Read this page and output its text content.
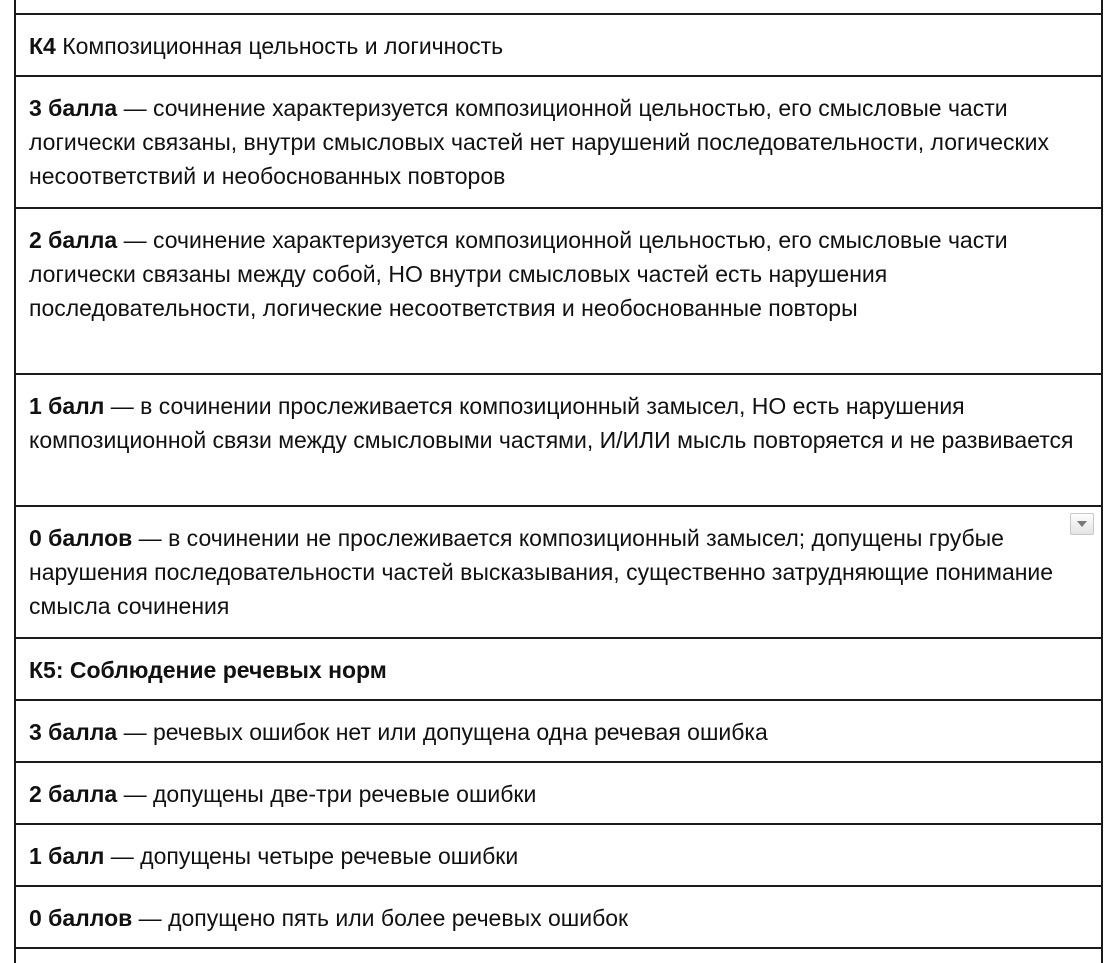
К4 Композиционная цельность и логичность
3 балла — сочинение характеризуется композиционной цельностью, его смысловые части логически связаны, внутри смысловых частей нет нарушений последовательности, логических несоответствий и необоснованных повторов
2 балла — сочинение характеризуется композиционной цельностью, его смысловые части логически связаны между собой, НО внутри смысловых частей есть нарушения последовательности, логические несоответствия и необоснованные повторы
1 балл — в сочинении прослеживается композиционный замысел, НО есть нарушения композиционной связи между смысловыми частями, И/ИЛИ мысль повторяется и не развивается
0 баллов — в сочинении не прослеживается композиционный замысел; допущены грубые нарушения последовательности частей высказывания, существенно затрудняющие понимание смысла сочинения
К5: Соблюдение речевых норм
3 балла — речевых ошибок нет или допущена одна речевая ошибка
2 балла — допущены две-три речевые ошибки
1 балл — допущены четыре речевые ошибки
0 баллов — допущено пять или более речевых ошибок
